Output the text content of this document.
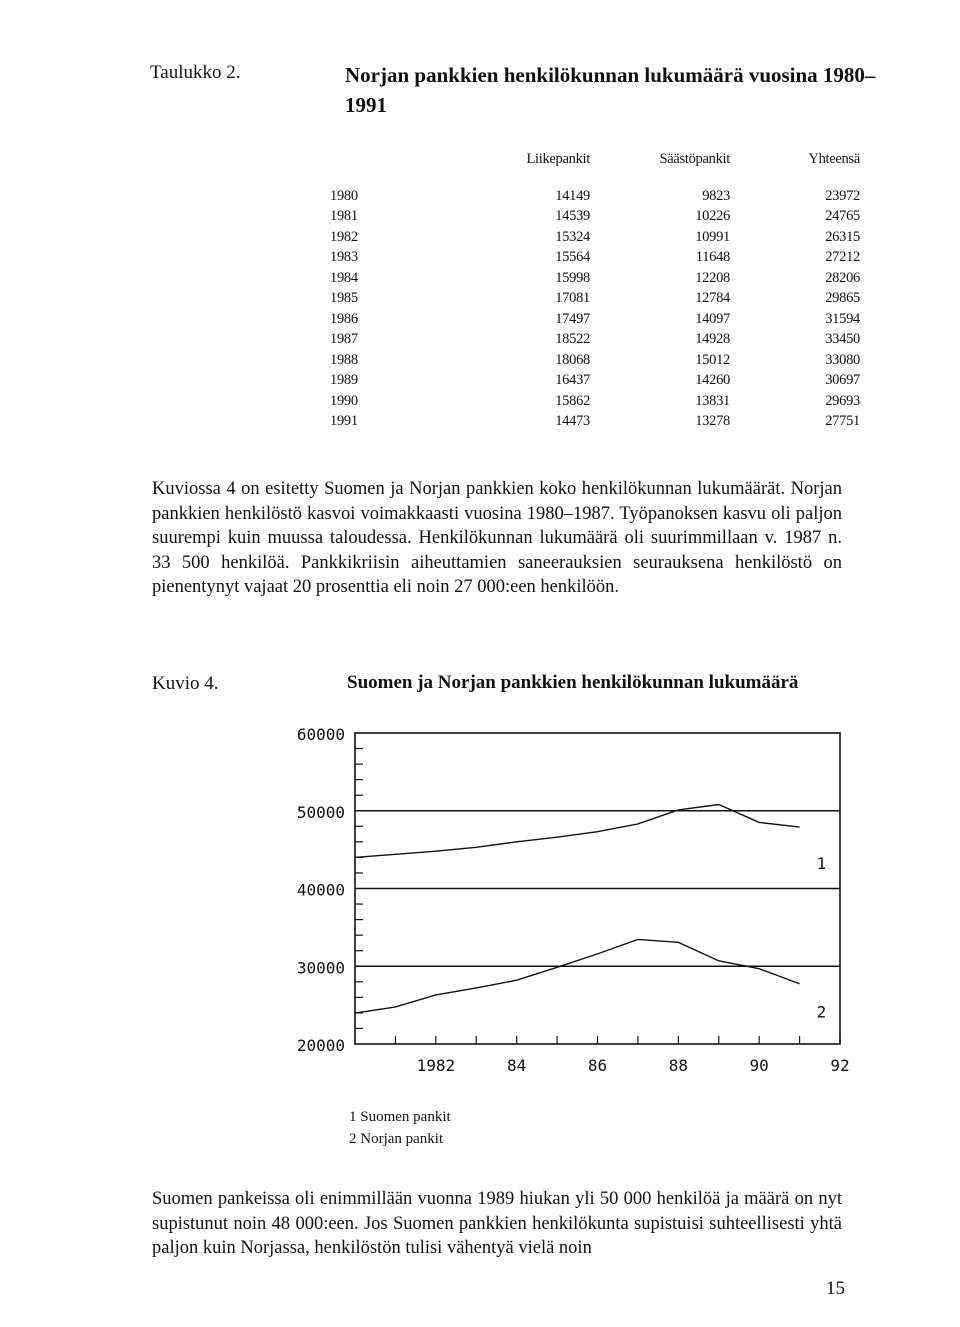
Taulukko 2.	Norjan pankkien henkilökunnan lukumäärä vuosina 1980–1991
	Liikepankit	Säästöpankit	Yhteensä
1980	14149	9823	23972
1981	14539	10226	24765
1982	15324	10991	26315
1983	15564	11648	27212
1984	15998	12208	28206
1985	17081	12784	29865
1986	17497	14097	31594
1987	18522	14928	33450
1988	18068	15012	33080
1989	16437	14260	30697
1990	15862	13831	29693
1991	14473	13278	27751
Kuviossa 4 on esitetty Suomen ja Norjan pankkien koko henkilökunnan lukumäärät. Norjan pankkien henkilöstö kasvoi voimakkaasti vuosina 1980–1987. Työpanoksen kasvu oli paljon suurempi kuin muussa taloudessa. Henkilökunnan lukumäärä oli suurimmillaan v. 1987 n. 33 500 henkilöä. Pankkikriisin aiheuttamien saneerauksien seurauksena henkilöstö on pienentynyt vajaat 20 prosenttia eli noin 27 000:een henkilöön.
Kuvio 4.	Suomen ja Norjan pankkien henkilökunnan lukumäärä
20000
30000
40000
50000
60000
1982	84	86	88	90	92
1
2
1 Suomen pankit
2 Norjan pankit
Suomen pankeissa oli enimmillään vuonna 1989 hiukan yli 50 000 henkilöä ja määrä on nyt supistunut noin 48 000:een. Jos Suomen pankkien henkilökunta supistuisi suhteellisesti yhtä paljon kuin Norjassa, henkilöstön tulisi vähentyä vielä noin
15
